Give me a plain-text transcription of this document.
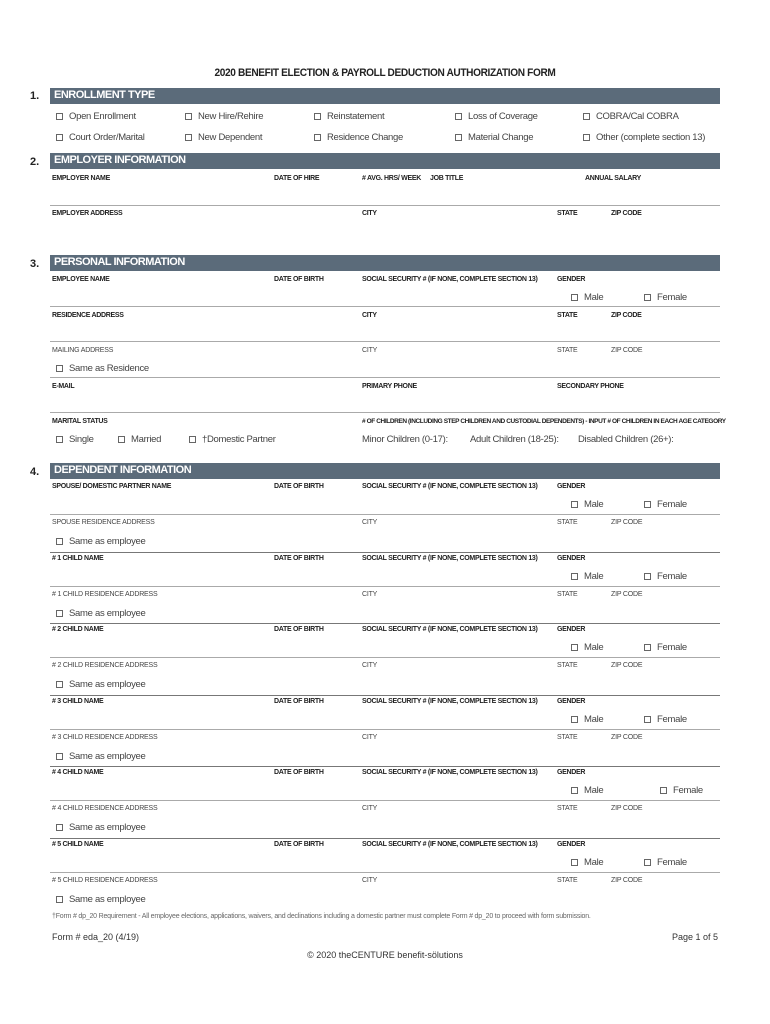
2020 BENEFIT ELECTION & PAYROLL DEDUCTION AUTHORIZATION FORM
1. ENROLLMENT TYPE
Open Enrollment	New Hire/Rehire	Reinstatement	Loss of Coverage	COBRA/Cal COBRA
Court Order/Marital	New Dependent	Residence Change	Material Change	Other (complete section 13)
2. EMPLOYER INFORMATION
EMPLOYER NAME	DATE OF HIRE	# AVG. HRS/ WEEK JOB TITLE	ANNUAL SALARY
EMPLOYER ADDRESS	CITY	STATE	ZIP CODE
3. PERSONAL INFORMATION
EMPLOYEE NAME	DATE OF BIRTH	SOCIAL SECURITY # (IF NONE, COMPLETE SECTION 13)	GENDER
Male	Female
RESIDENCE ADDRESS	CITY	STATE	ZIP CODE
MAILING ADDRESS	CITY	STATE	ZIP CODE
Same as Residence
E-MAIL	PRIMARY PHONE	SECONDARY PHONE
MARITAL STATUS	# OF CHILDREN (INCLUDING STEP CHILDREN AND CUSTODIAL DEPENDENTS) - INPUT # OF CHILDREN IN EACH AGE CATEGORY
Single	Married	†Domestic Partner	Minor Children (0-17): Adult Children (18-25): Disabled Children (26+):
4. DEPENDENT INFORMATION
SPOUSE/ DOMESTIC PARTNER NAME	DATE OF BIRTH	SOCIAL SECURITY # (IF NONE, COMPLETE SECTION 13)	GENDER
Male	Female
SPOUSE RESIDENCE ADDRESS	CITY	STATE	ZIP CODE
Same as employee
# 1 CHILD NAME	DATE OF BIRTH	SOCIAL SECURITY # (IF NONE, COMPLETE SECTION 13)	GENDER
Male	Female
# 1 CHILD RESIDENCE ADDRESS	CITY	STATE	ZIP CODE
Same as employee
# 2 CHILD NAME	DATE OF BIRTH	SOCIAL SECURITY # (IF NONE, COMPLETE SECTION 13)	GENDER
Male	Female
# 2 CHILD RESIDENCE ADDRESS	CITY	STATE	ZIP CODE
Same as employee
# 3 CHILD NAME	DATE OF BIRTH	SOCIAL SECURITY # (IF NONE, COMPLETE SECTION 13)	GENDER
Male	Female
# 3 CHILD RESIDENCE ADDRESS	CITY	STATE	ZIP CODE
Same as employee
# 4 CHILD NAME	DATE OF BIRTH	SOCIAL SECURITY # (IF NONE, COMPLETE SECTION 13)	GENDER
Male	Female
# 4 CHILD RESIDENCE ADDRESS	CITY	STATE	ZIP CODE
Same as employee
# 5 CHILD NAME	DATE OF BIRTH	SOCIAL SECURITY # (IF NONE, COMPLETE SECTION 13)	GENDER
Male	Female
# 5 CHILD RESIDENCE ADDRESS	CITY	STATE	ZIP CODE
Same as employee
†Form # dp_20 Requirement - All employee elections, applications, waivers, and declinations including a domestic partner must complete Form # dp_20 to proceed with form submission.
Form # eda_20 (4/19)	Page 1 of 5
© 2020 theCENTURE benefit-sölutions
